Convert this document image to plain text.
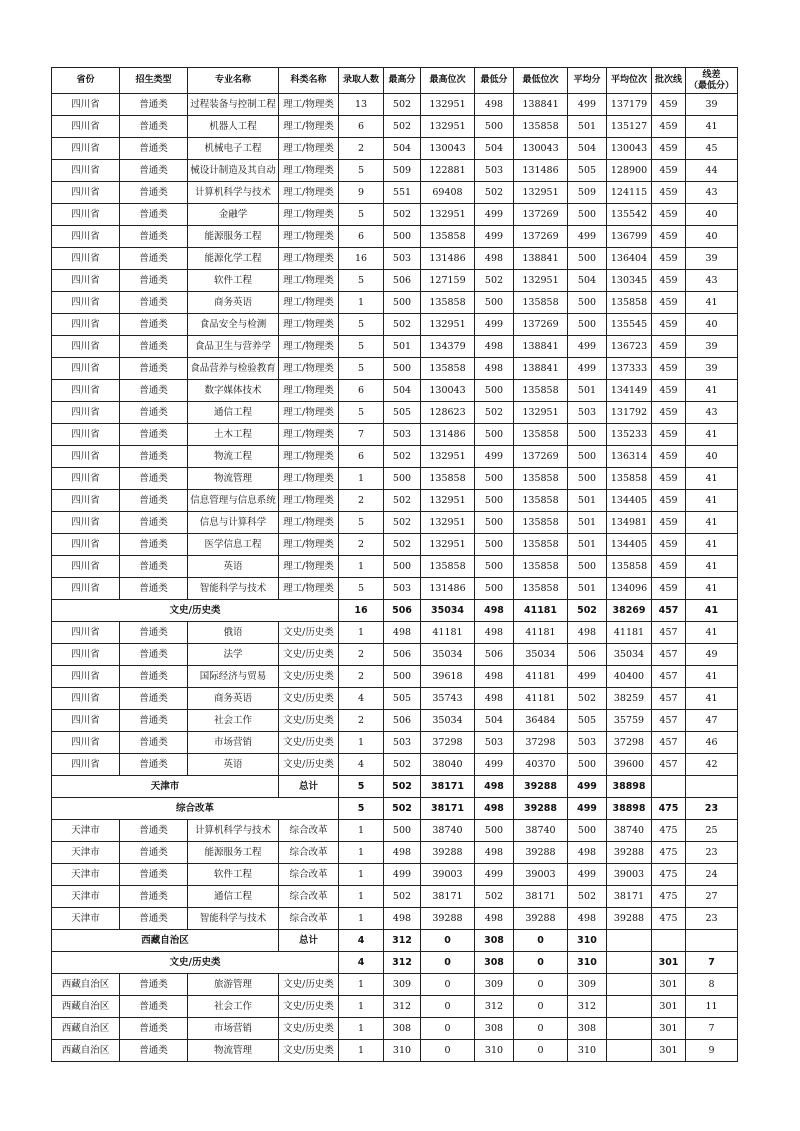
省份	招生类型	专业名称	科类名称	录取人数	最高分	最高位次	最低分	最低位次	平均分	平均位次	批次线	线差
（最低分）
四川省	普通类	过程装备与控制工程	理工/物理类	13	502	132951	498	138841	499	137179	459	39
四川省	普通类	机器人工程	理工/物理类	6	502	132951	500	135858	501	135127	459	41
四川省	普通类	机械电子工程	理工/物理类	2	504	130043	504	130043	504	130043	459	45
四川省	普通类	械设计制造及其自动	理工/物理类	5	509	122881	503	131486	505	128900	459	44
四川省	普通类	计算机科学与技术	理工/物理类	9	551	69408	502	132951	509	124115	459	43
四川省	普通类	金融学	理工/物理类	5	502	132951	499	137269	500	135542	459	40
四川省	普通类	能源服务工程	理工/物理类	6	500	135858	499	137269	499	136799	459	40
四川省	普通类	能源化学工程	理工/物理类	16	503	131486	498	138841	500	136404	459	39
四川省	普通类	软件工程	理工/物理类	5	506	127159	502	132951	504	130345	459	43
四川省	普通类	商务英语	理工/物理类	1	500	135858	500	135858	500	135858	459	41
四川省	普通类	食品安全与检测	理工/物理类	5	502	132951	499	137269	500	135545	459	40
四川省	普通类	食品卫生与营养学	理工/物理类	5	501	134379	498	138841	499	136723	459	39
四川省	普通类	食品营养与检验教育	理工/物理类	5	500	135858	498	138841	499	137333	459	39
四川省	普通类	数字媒体技术	理工/物理类	6	504	130043	500	135858	501	134149	459	41
四川省	普通类	通信工程	理工/物理类	5	505	128623	502	132951	503	131792	459	43
四川省	普通类	土木工程	理工/物理类	7	503	131486	500	135858	500	135233	459	41
四川省	普通类	物流工程	理工/物理类	6	502	132951	499	137269	500	136314	459	40
四川省	普通类	物流管理	理工/物理类	1	500	135858	500	135858	500	135858	459	41
四川省	普通类	信息管理与信息系统	理工/物理类	2	502	132951	500	135858	501	134405	459	41
四川省	普通类	信息与计算科学	理工/物理类	5	502	132951	500	135858	501	134981	459	41
四川省	普通类	医学信息工程	理工/物理类	2	502	132951	500	135858	501	134405	459	41
四川省	普通类	英语	理工/物理类	1	500	135858	500	135858	500	135858	459	41
四川省	普通类	智能科学与技术	理工/物理类	5	503	131486	500	135858	501	134096	459	41
文史/历史类				16	506	35034	498	41181	502	38269	457	41
四川省	普通类	俄语	文史/历史类	1	498	41181	498	41181	498	41181	457	41
四川省	普通类	法学	文史/历史类	2	506	35034	506	35034	506	35034	457	49
四川省	普通类	国际经济与贸易	文史/历史类	2	500	39618	498	41181	499	40400	457	41
四川省	普通类	商务英语	文史/历史类	4	505	35743	498	41181	502	38259	457	41
四川省	普通类	社会工作	文史/历史类	2	506	35034	504	36484	505	35759	457	47
四川省	普通类	市场营销	文史/历史类	1	503	37298	503	37298	503	37298	457	46
四川省	普通类	英语	文史/历史类	4	502	38040	499	40370	500	39600	457	42
天津市			总计	5	502	38171	498	39288	499	38898		
综合改革				5	502	38171	498	39288	499	38898	475	23
天津市	普通类	计算机科学与技术	综合改革	1	500	38740	500	38740	500	38740	475	25
天津市	普通类	能源服务工程	综合改革	1	498	39288	498	39288	498	39288	475	23
天津市	普通类	软件工程	综合改革	1	499	39003	499	39003	499	39003	475	24
天津市	普通类	通信工程	综合改革	1	502	38171	502	38171	502	38171	475	27
天津市	普通类	智能科学与技术	综合改革	1	498	39288	498	39288	498	39288	475	23
西藏自治区			总计	4	312	0	308	0	310			
文史/历史类				4	312	0	308	0	310		301	7
西藏自治区	普通类	旅游管理	文史/历史类	1	309	0	309	0	309		301	8
西藏自治区	普通类	社会工作	文史/历史类	1	312	0	312	0	312		301	11
西藏自治区	普通类	市场营销	文史/历史类	1	308	0	308	0	308		301	7
西藏自治区	普通类	物流管理	文史/历史类	1	310	0	310	0	310		301	9
